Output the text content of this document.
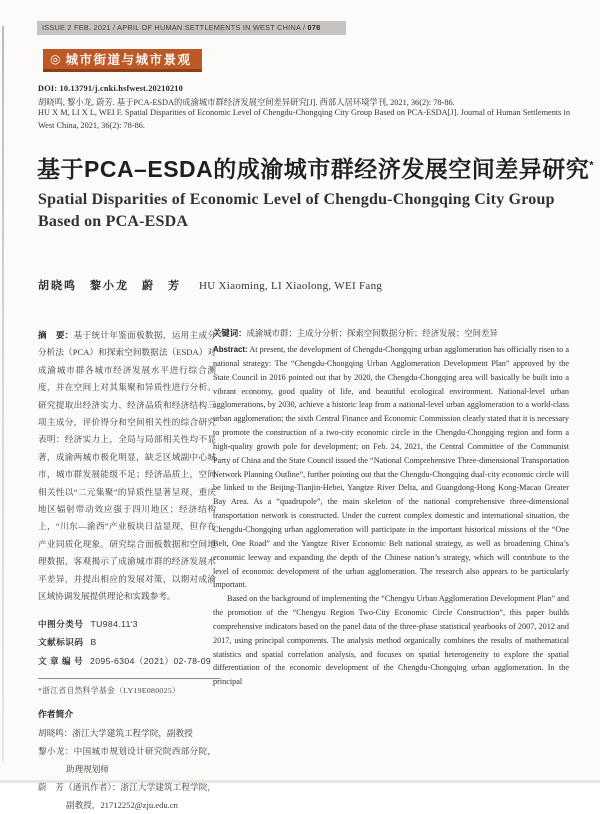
ISSUE 2 FEB. 2021 / APRIL OF HUMAN SETTLEMENTS IN WEST CHINA / 078
◎ 城市街道与城市景观
DOI: 10.13791/j.cnki.hsfwest.20210210
胡晓鸣, 黎小龙, 蔚芳. 基于PCA-ESDA的成渝城市群经济发展空间差异研究[J]. 西部人居环境学刊, 2021, 36(2): 78-86.
HU X M, LI X L, WEI F. Spatial Disparities of Economic Level of Chengdu-Chongqing City Group Based on PCA-ESDA[J]. Journal of Human Settlements in West China, 2021, 36(2): 78-86.
基于PCA–ESDA的成渝城市群经济发展空间差异研究*
Spatial Disparities of Economic Level of Chengdu-Chongqing City Group Based on PCA-ESDA
胡晓鸣　黎小龙　蔚　芳 HU Xiaoming, LI Xiaolong, WEI Fang

摘　要：基于统计年鉴面板数据，运用主成分分析法（PCA）和探索空间数据法（ESDA）对成渝城市群各城市经济发展水平进行综合测度，并在空间上对其集聚和异质性进行分析。研究提取出经济实力、经济品质和经济结构三项主成分，评价得分和空间相关性的综合研究表明：经济实力上，全局与局部相关性均不显著，成渝两城市极化明显，缺乏区域副中心城市，城市群发展能级不足；经济品质上，空间相关性以“二元集聚”的异质性显著呈现，重庆地区辐射带动效应强于四川地区；经济结构上，“川东—渝西”产业板块日益显现，但存在产业同质化现象。研究综合面板数据和空间地理数据，客观揭示了成渝城市群的经济发展水平差异，并提出相应的发展对策，以期对成渝区域协调发展提供理论和实践参考。

中图分类号 TU984.11′3
文献标识码 B
文 章 编 号 2095-6304（2021）02-78-09

*浙江省自然科学基金（LY19E080025）

作者简介

胡晓鸣：浙江大学建筑工程学院，副教授

黎小龙：中国城市规划设计研究院西部分院，助理规划师

蔚　芳（通讯作者）：浙江大学建筑工程学院，副教授，21712252@zju.edu.cn

关键词：成渝城市群；主成分分析；探索空间数据分析；经济发展；空间差异

Abstract: At present, the development of Chengdu-Chongqing urban agglomeration has officially risen to a national strategy: The “Chengdu-Chongqing Urban Agglomeration Development Plan” approved by the State Council in 2016 pointed out that by 2020, the Chengdu-Chongqing area will basically be built into a vibrant economy, good quality of life, and beautiful ecological environment. National-level urban agglomerations, by 2030, achieve a historic leap from a national-level urban agglomeration to a world-class urban agglomeration; the sixth Central Finance and Economic Commission clearly stated that it is necessary to promote the construction of a two-city economic circle in the Chengdu-Chongqing region and form a high-quality growth pole for development; on Feb. 24, 2021, the Central Committee of the Communist Party of China and the State Council issued the “National Comprehensive Three-dimensional Transportation Network Planning Outline”, further pointing out that the Chengdu-Chongqing dual-city economic circle will be linked to the Beijing-Tianjin-Hebei, Yangtze River Delta, and Guangdong-Hong Kong-Macao Greater Bay Area. As a “quadrupole”, the main skeleton of the national comprehensive three-dimensional transportation network is constructed. Under the current complex domestic and international situation, the Chengdu-Chongqing urban agglomeration will participate in the important historical missions of the “One Belt, One Road” and the Yangtze River Economic Belt national strategy, as well as broadening China’s economic leeway and expanding the depth of the Chinese nation’s strategy, which will contribute to the level of economic development of the urban agglomeration. The research also appears to be particularly important.

Based on the background of implementing the “Chengyu Urban Agglomeration Development Plan” and the promotion of the “Chengyu Region Two-City Economic Circle Construction”, this paper builds comprehensive indicators based on the panel data of the three-phase statistical yearbooks of 2007, 2012 and 2017, using principal components. The analysis method organically combines the results of mathematical statistics and spatial correlation analysis, and focuses on spatial heterogeneity to explore the spatial differentiation of the economic development of the Chengdu-Chongqing urban agglomeration. In the principal
